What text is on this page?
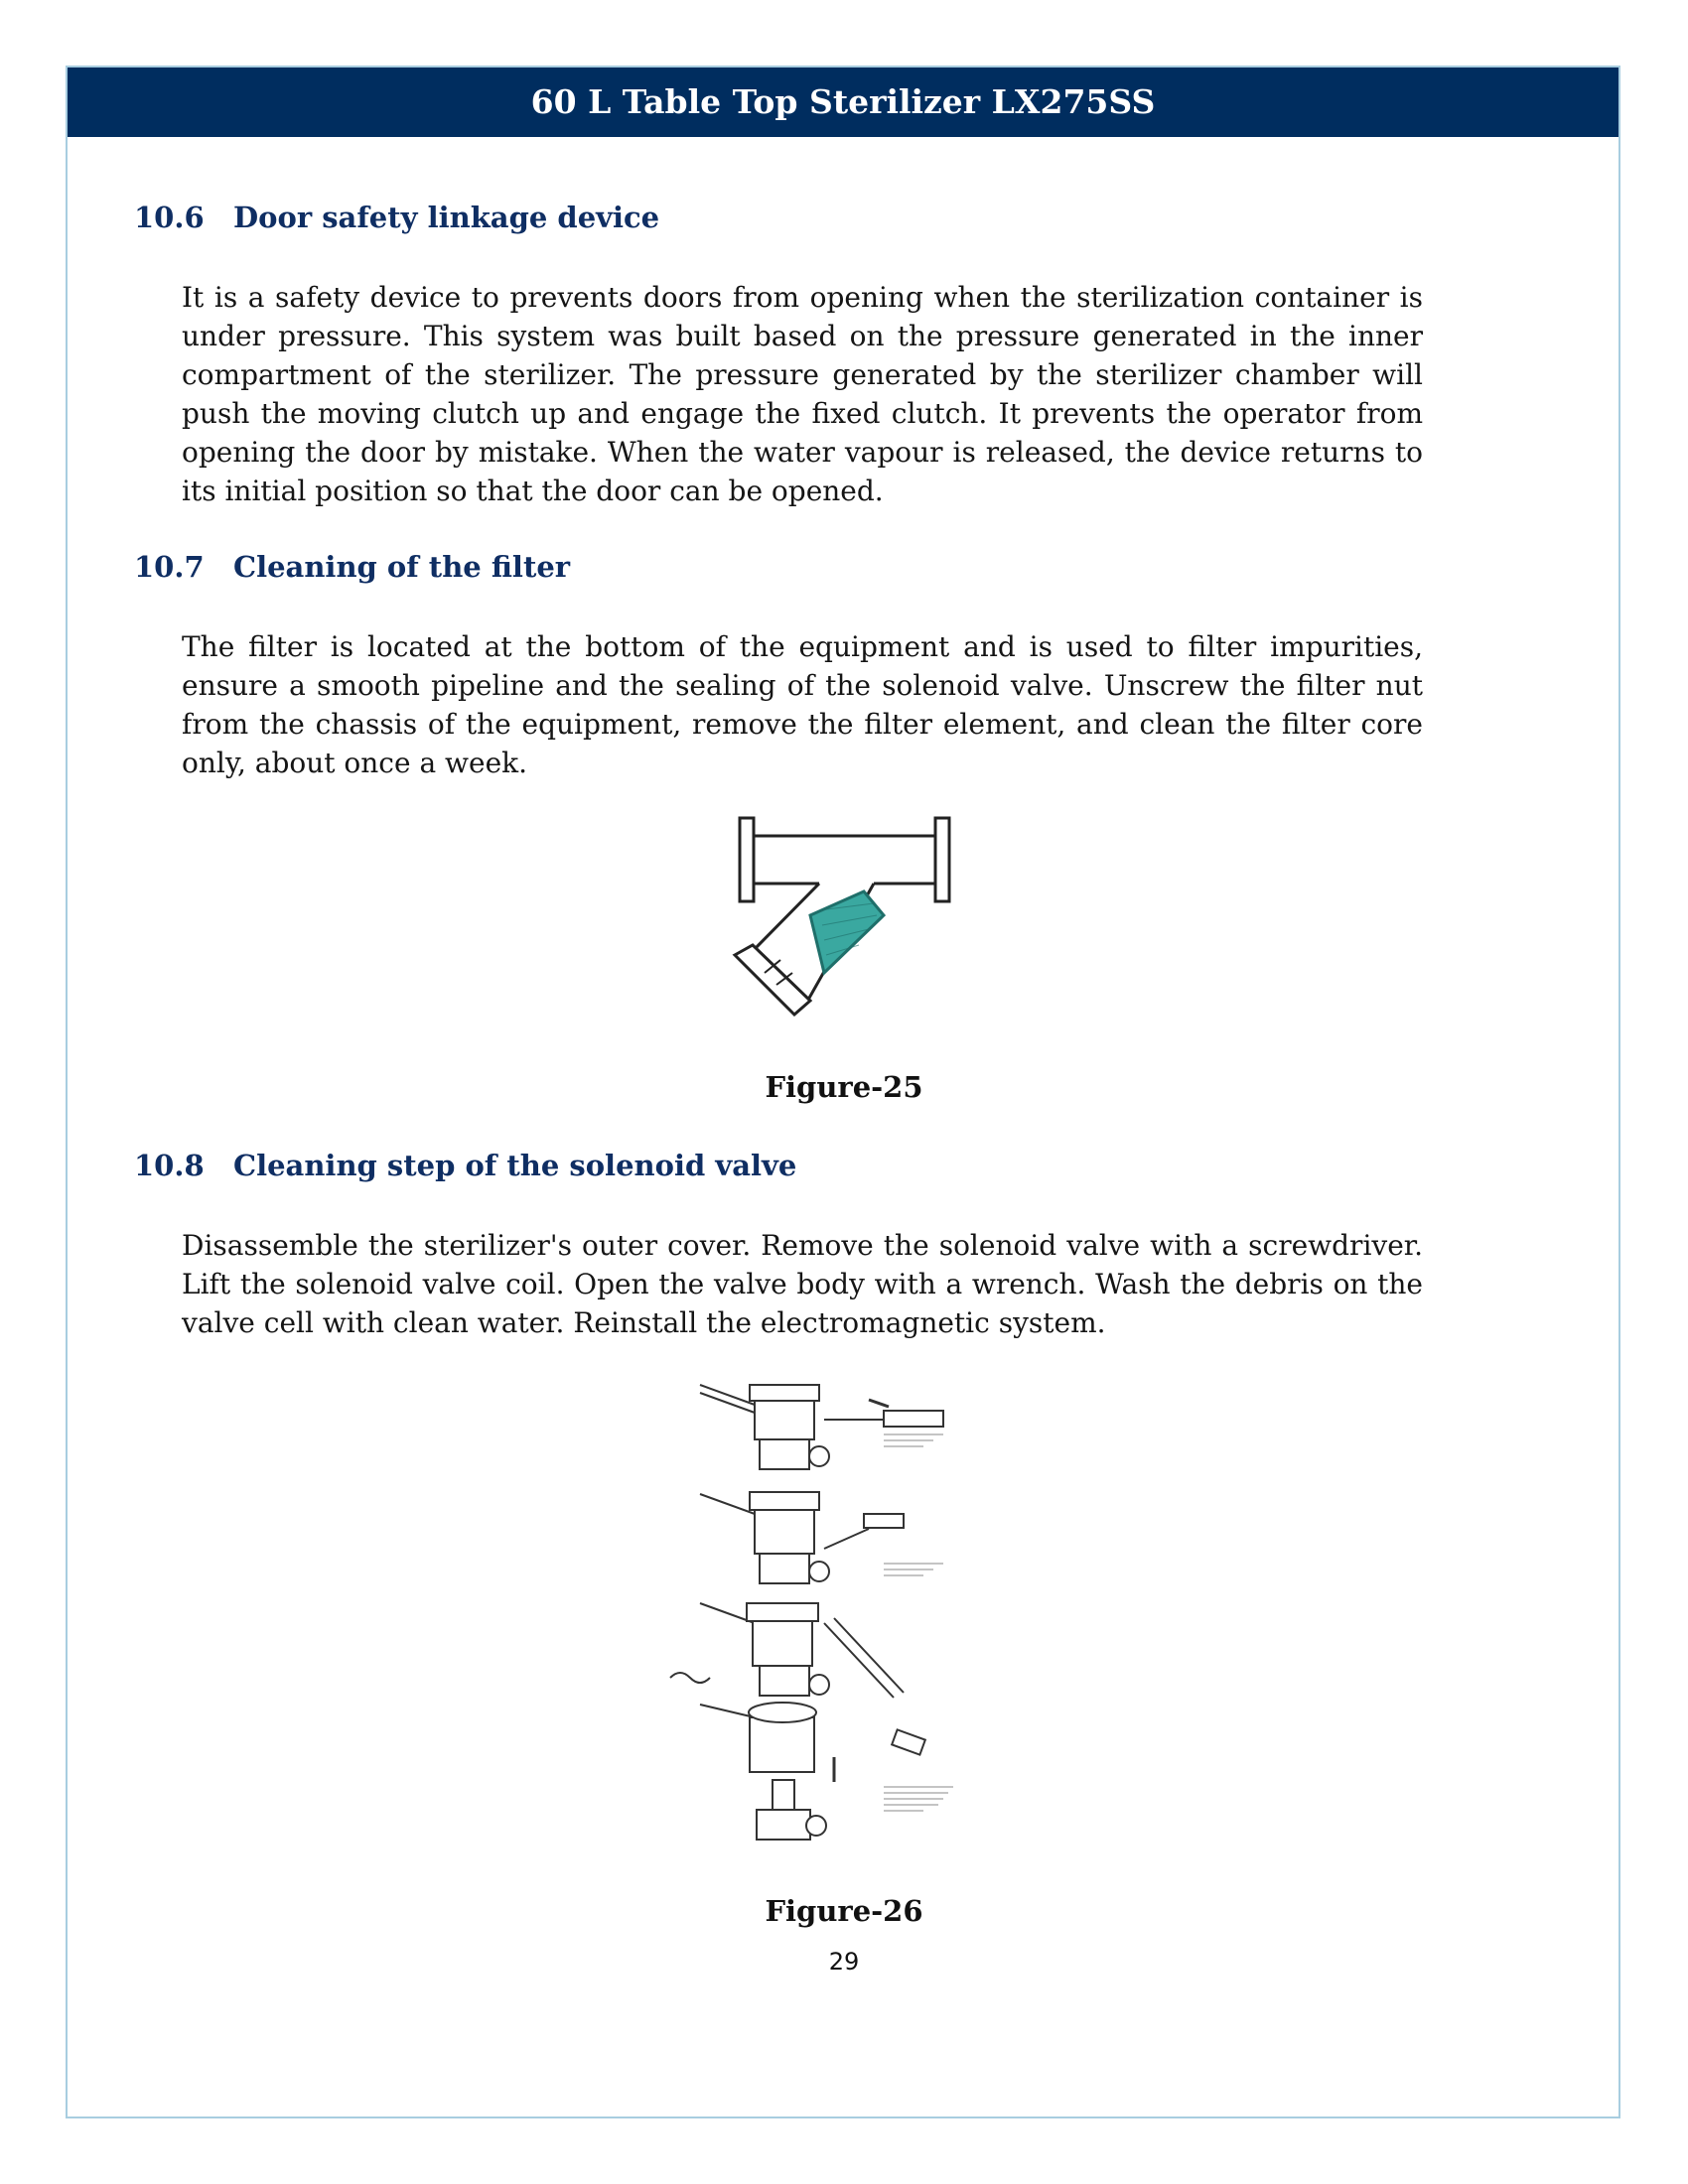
60 L Table Top Sterilizer LX275SS
10.6 Door safety linkage device

It is a safety device to prevents doors from opening when the sterilization container is under pressure. This system was built based on the pressure generated in the inner compartment of the sterilizer. The pressure generated by the sterilizer chamber will push the moving clutch up and engage the fixed clutch. It prevents the operator from opening the door by mistake. When the water vapour is released, the device returns to its initial position so that the door can be opened.

10.7 Cleaning of the filter

The filter is located at the bottom of the equipment and is used to filter impurities, ensure a smooth pipeline and the sealing of the solenoid valve. Unscrew the filter nut from the chassis of the equipment, remove the filter element, and clean the filter core only, about once a week.

Figure-25

10.8 Cleaning step of the solenoid valve

Disassemble the sterilizer's outer cover. Remove the solenoid valve with a screwdriver. Lift the solenoid valve coil. Open the valve body with a wrench. Wash the debris on the valve cell with clean water. Reinstall the electromagnetic system.

Figure-26

29
